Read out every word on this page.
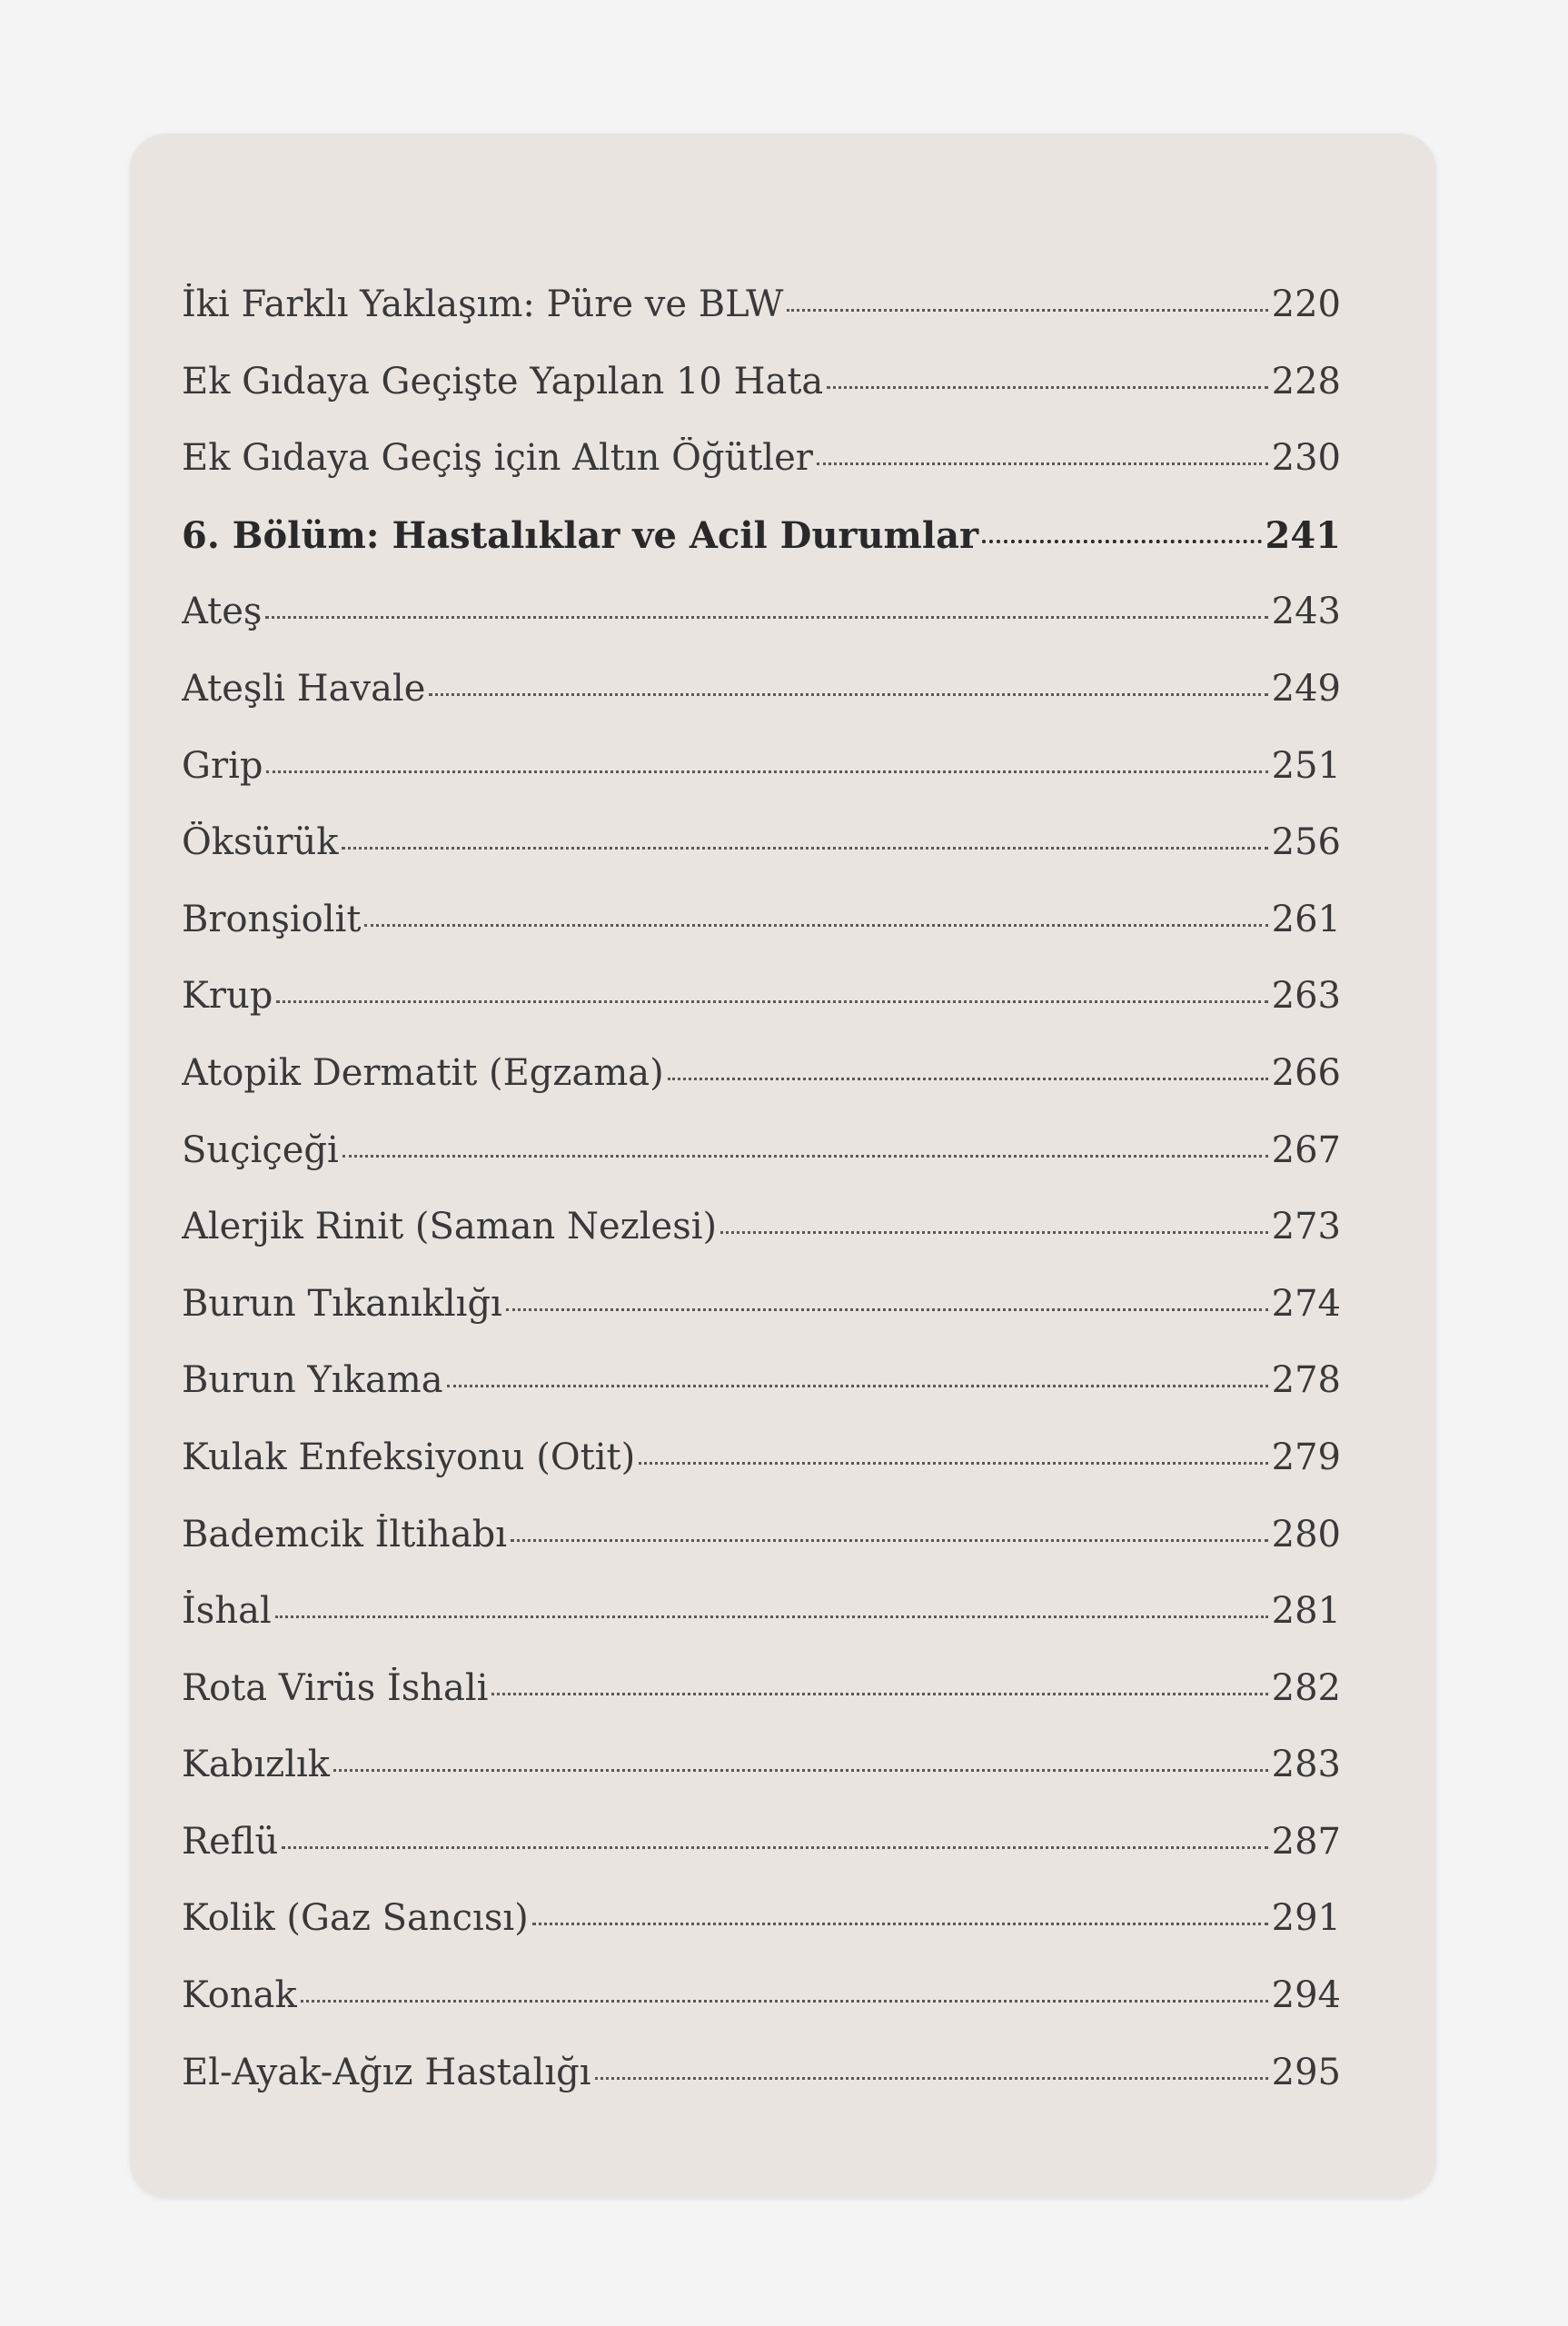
İki Farklı Yaklaşım: Püre ve BLW	220
Ek Gıdaya Geçişte Yapılan 10 Hata	228
Ek Gıdaya Geçiş için Altın Öğütler	230
6. Bölüm: Hastalıklar ve Acil Durumlar	241
Ateş	243
Ateşli Havale	249
Grip	251
Öksürük	256
Bronşiolit	261
Krup	263
Atopik Dermatit (Egzama)	266
Suçiçeği	267
Alerjik Rinit (Saman Nezlesi)	273
Burun Tıkanıklığı	274
Burun Yıkama	278
Kulak Enfeksiyonu (Otit)	279
Bademcik İltihabı	280
İshal	281
Rota Virüs İshali	282
Kabızlık	283
Reflü	287
Kolik (Gaz Sancısı)	291
Konak	294
El-Ayak-Ağız Hastalığı	295
